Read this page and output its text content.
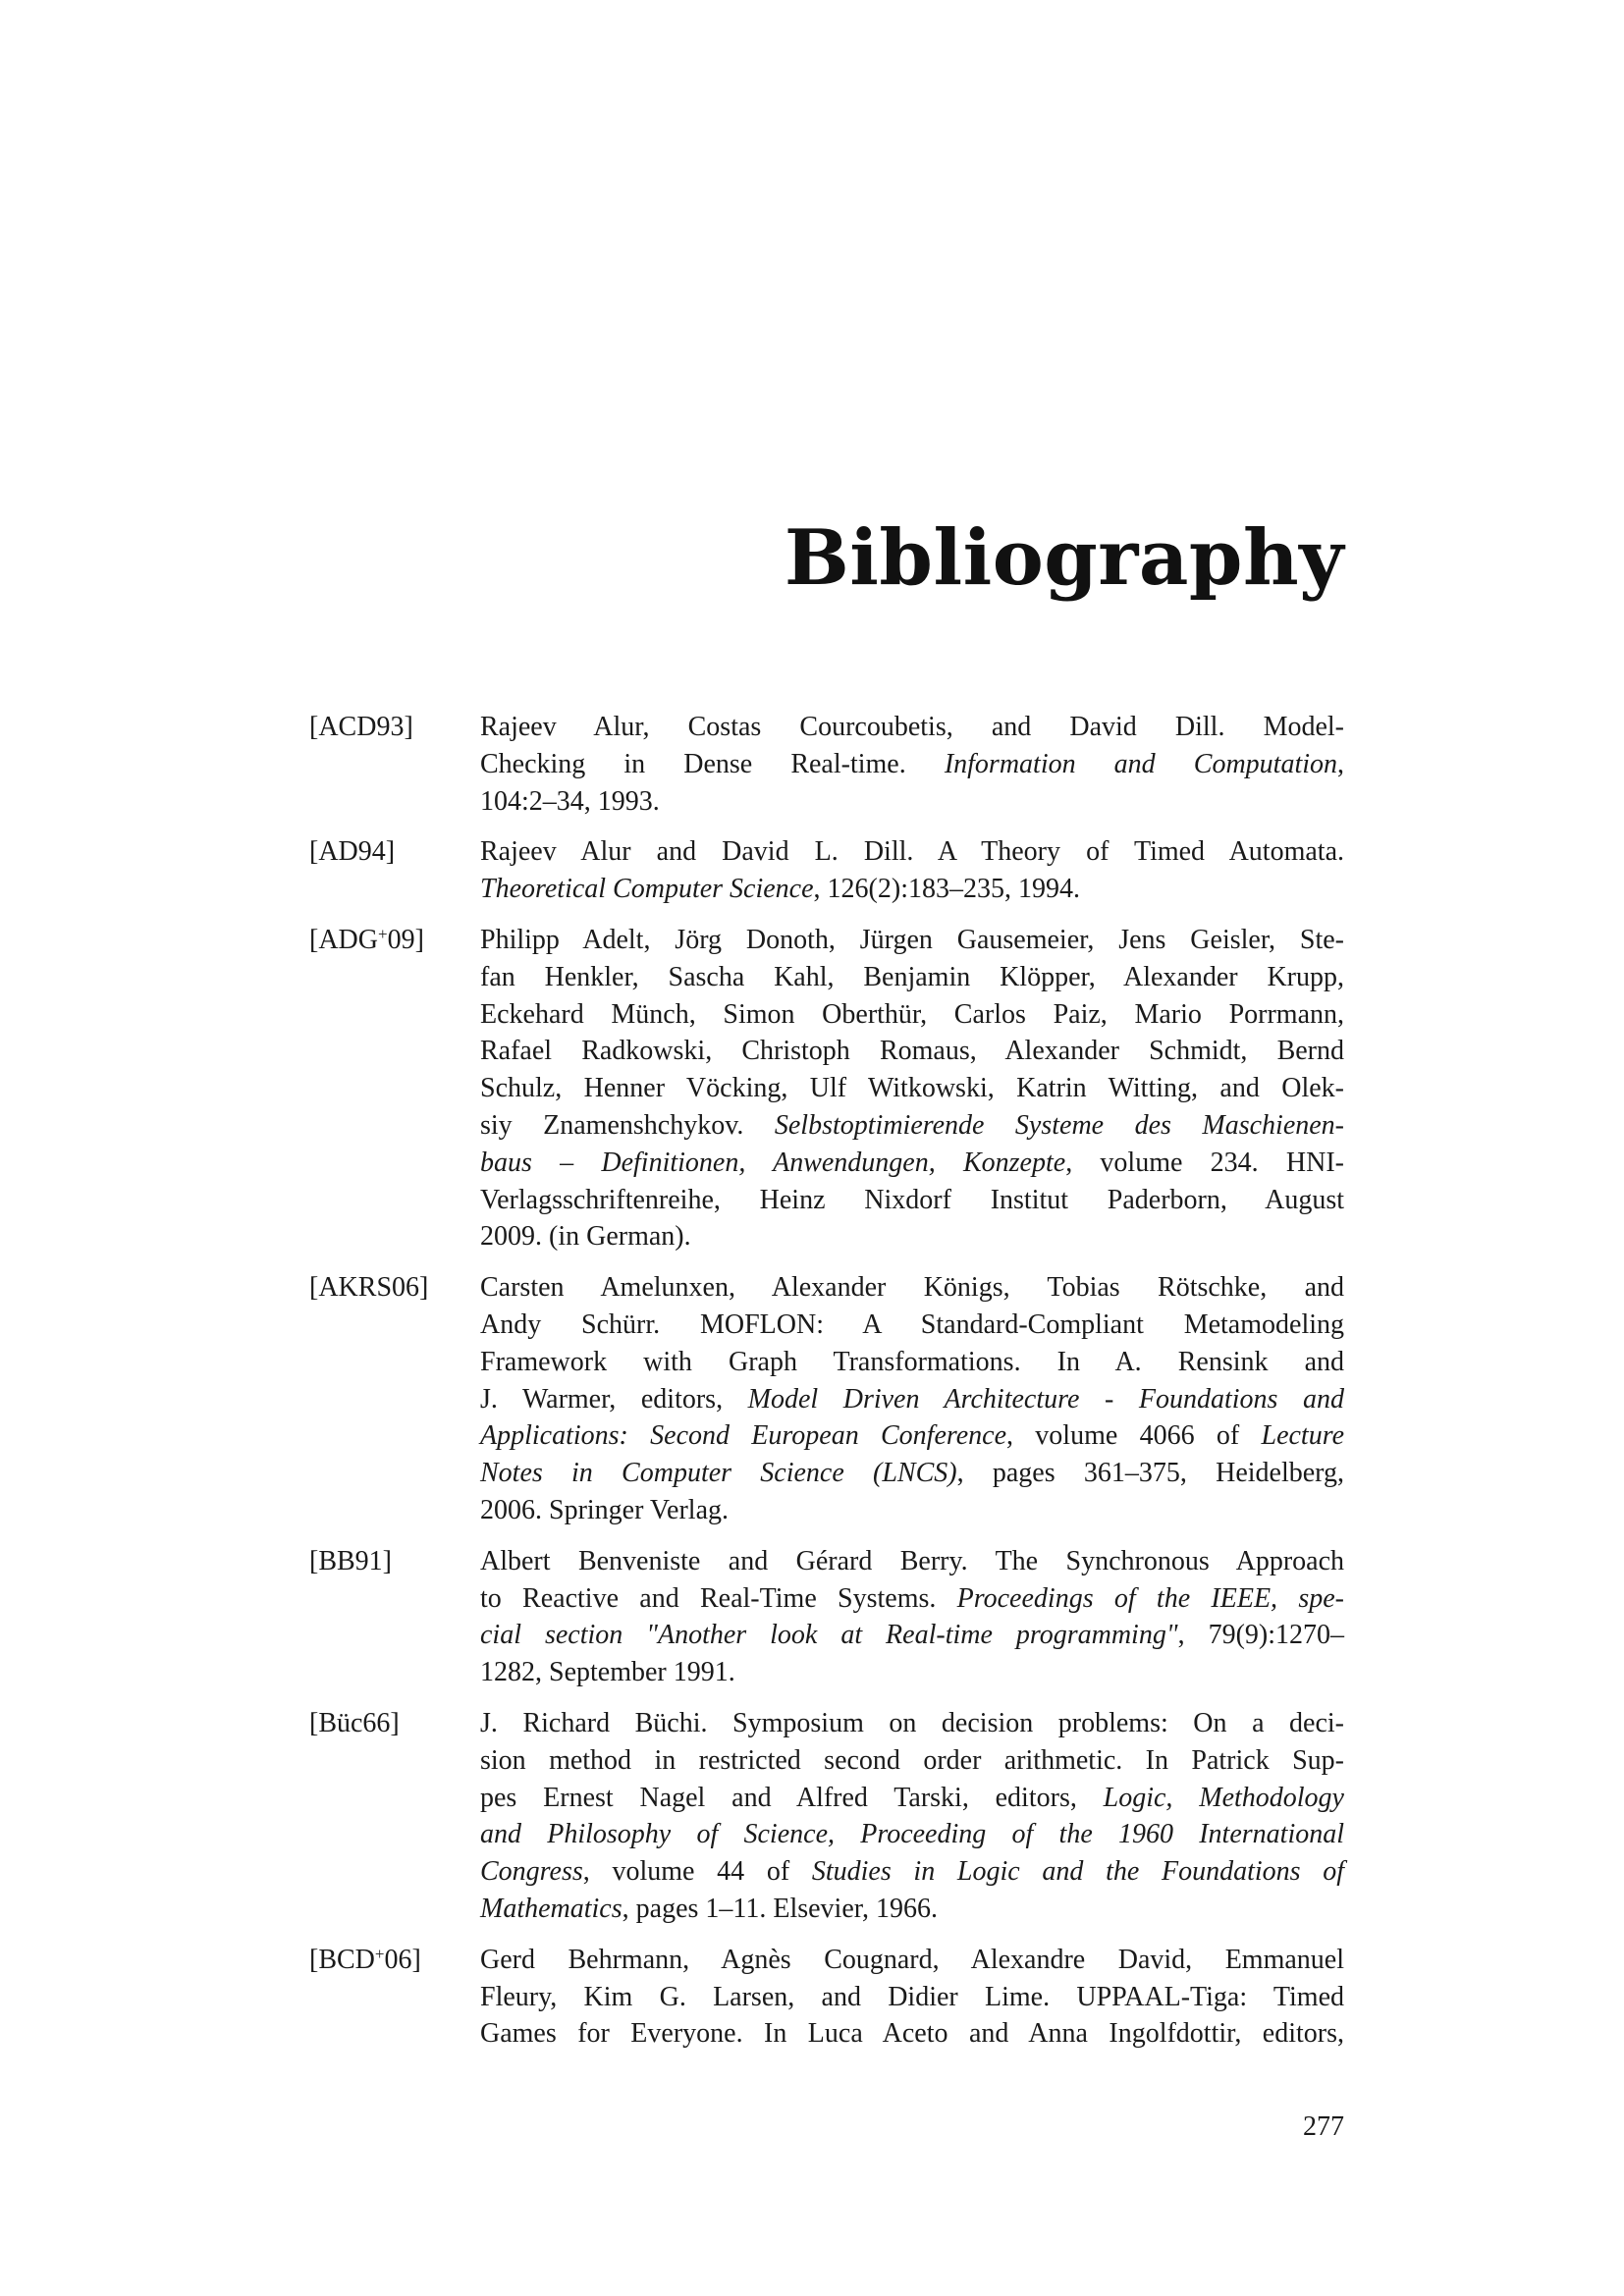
Bibliography
[ACD93]	Rajeev Alur, Costas Courcoubetis, and David Dill. Model-
Checking in Dense Real-time. Information and Computation,
104:2–34, 1993.
[AD94]	Rajeev Alur and David L. Dill. A Theory of Timed Automata.
Theoretical Computer Science, 126(2):183–235, 1994.
[ADG+09]	Philipp Adelt, Jörg Donoth, Jürgen Gausemeier, Jens Geisler, Ste-
fan Henkler, Sascha Kahl, Benjamin Klöpper, Alexander Krupp,
Eckehard Münch, Simon Oberthür, Carlos Paiz, Mario Porrmann,
Rafael Radkowski, Christoph Romaus, Alexander Schmidt, Bernd
Schulz, Henner Vöcking, Ulf Witkowski, Katrin Witting, and Olek-
siy Znamenshchykov. Selbstoptimierende Systeme des Maschienen-
baus – Definitionen, Anwendungen, Konzepte, volume 234. HNI-
Verlagsschriftenreihe, Heinz Nixdorf Institut Paderborn, August
2009. (in German).
[AKRS06]	Carsten Amelunxen, Alexander Königs, Tobias Rötschke, and
Andy Schürr. MOFLON: A Standard-Compliant Metamodeling
Framework with Graph Transformations. In A. Rensink and
J. Warmer, editors, Model Driven Architecture - Foundations and
Applications: Second European Conference, volume 4066 of Lecture
Notes in Computer Science (LNCS), pages 361–375, Heidelberg,
2006. Springer Verlag.
[BB91]	Albert Benveniste and Gérard Berry. The Synchronous Approach
to Reactive and Real-Time Systems. Proceedings of the IEEE, spe-
cial section "Another look at Real-time programming", 79(9):1270–
1282, September 1991.
[Büc66]	J. Richard Büchi. Symposium on decision problems: On a deci-
sion method in restricted second order arithmetic. In Patrick Sup-
pes Ernest Nagel and Alfred Tarski, editors, Logic, Methodology
and Philosophy of Science, Proceeding of the 1960 International
Congress, volume 44 of Studies in Logic and the Foundations of
Mathematics, pages 1–11. Elsevier, 1966.
[BCD+06]	Gerd Behrmann, Agnès Cougnard, Alexandre David, Emmanuel
Fleury, Kim G. Larsen, and Didier Lime. UPPAAL-Tiga: Timed
Games for Everyone. In Luca Aceto and Anna Ingolfdottir, editors,
277
